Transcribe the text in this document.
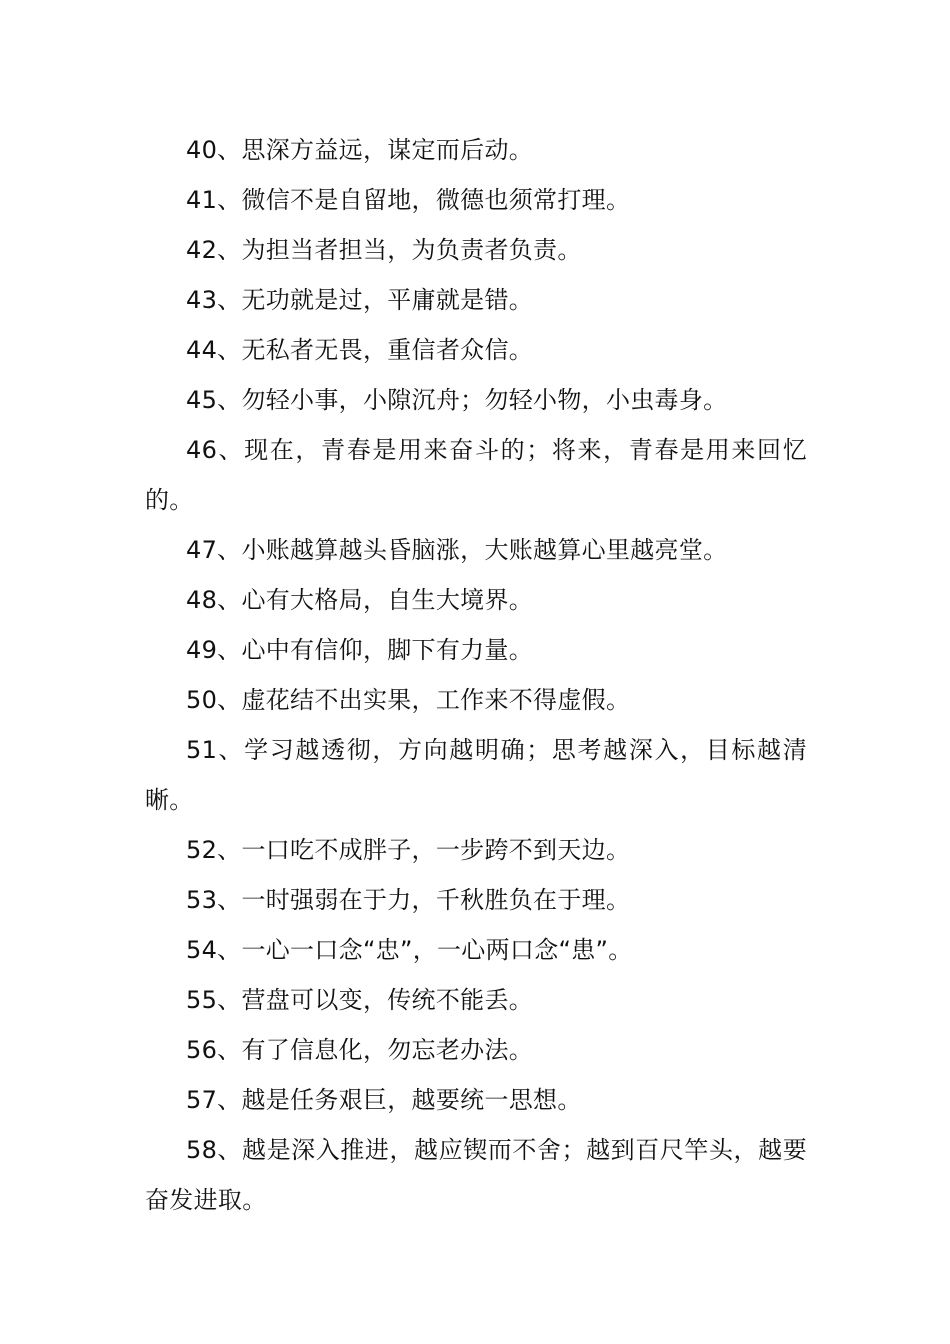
40、思深方益远，谋定而后动。

41、微信不是自留地，微德也须常打理。

42、为担当者担当，为负责者负责。

43、无功就是过，平庸就是错。

44、无私者无畏，重信者众信。

45、勿轻小事，小隙沉舟；勿轻小物，小虫毒身。

46、现在，青春是用来奋斗的；将来，青春是用来回忆的。

47、小账越算越头昏脑涨，大账越算心里越亮堂。

48、心有大格局，自生大境界。

49、心中有信仰，脚下有力量。

50、虚花结不出实果，工作来不得虚假。

51、学习越透彻，方向越明确；思考越深入，目标越清晰。

52、一口吃不成胖子，一步跨不到天边。

53、一时强弱在于力，千秋胜负在于理。

54、一心一口念“忠”，一心两口念“患”。

55、营盘可以变，传统不能丢。

56、有了信息化，勿忘老办法。

57、越是任务艰巨，越要统一思想。

58、越是深入推进，越应锲而不舍；越到百尺竿头，越要奋发进取。
